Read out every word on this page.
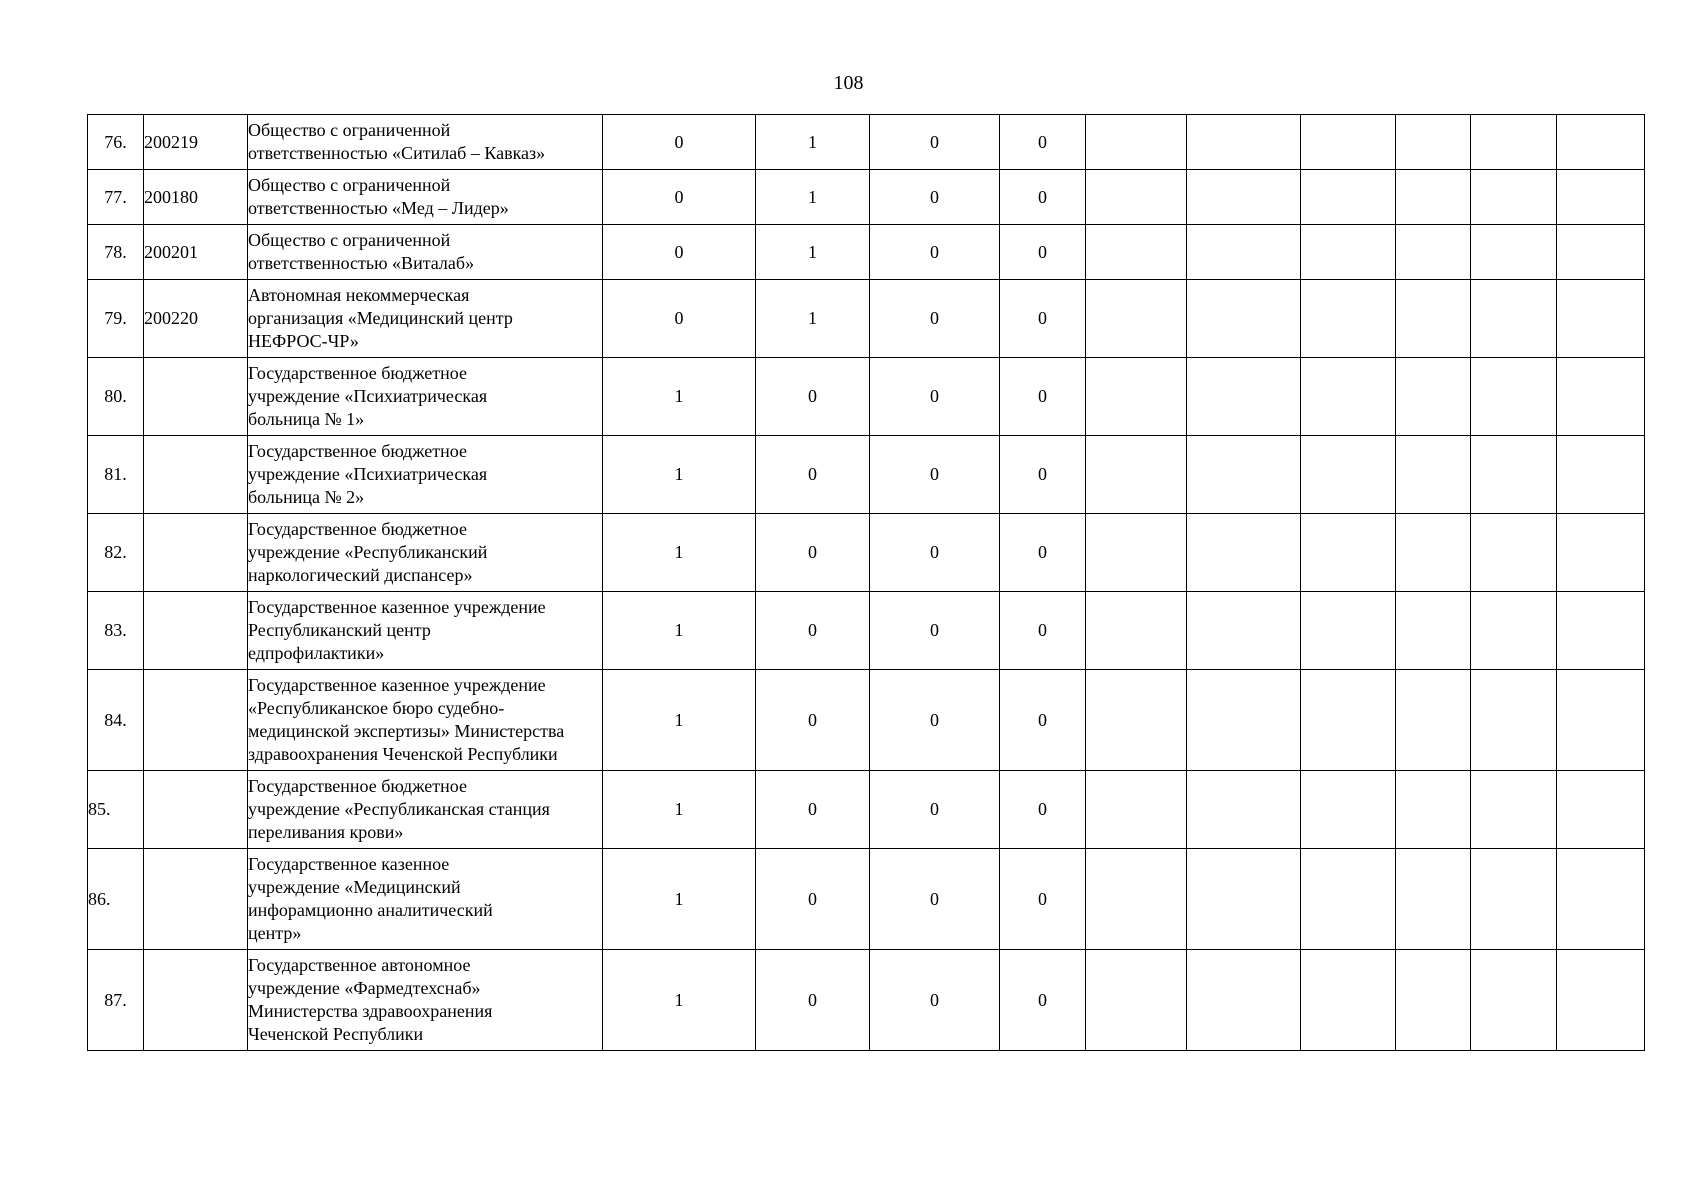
108
76.	200219	Общество с ограниченной
ответственностью «Ситилаб – Кавказ»	0	1	0	0						
77.	200180	Общество с ограниченной
ответственностью «Мед – Лидер»	0	1	0	0						
78.	200201	Общество с ограниченной
ответственностью «Виталаб»	0	1	0	0						
79.	200220	Автономная некоммерческая
организация «Медицинский центр
НЕФРОС-ЧР»	0	1	0	0						
80.		Государственное бюджетное
учреждение «Психиатрическая
больница № 1»	1	0	0	0						
81.		Государственное бюджетное
учреждение «Психиатрическая
больница № 2»	1	0	0	0						
82.		Государственное бюджетное
учреждение «Республиканский
наркологический диспансер»	1	0	0	0						
83.		Государственное казенное учреждение
Республиканский центр
едпрофилактики»	1	0	0	0						
84.		Государственное казенное учреждение
«Республиканское бюро судебно-
медицинской экспертизы» Министерства
здравоохранения Чеченской Республики	1	0	0	0						
85.		Государственное бюджетное
учреждение «Республиканская станция
переливания крови»	1	0	0	0						
86.		Государственное казенное
учреждение «Медицинский
инфорамционно аналитический
центр»	1	0	0	0						
87.		Государственное автономное
учреждение «Фармедтехснаб»
Министерства здравоохранения
Чеченской Республики	1	0	0	0						
